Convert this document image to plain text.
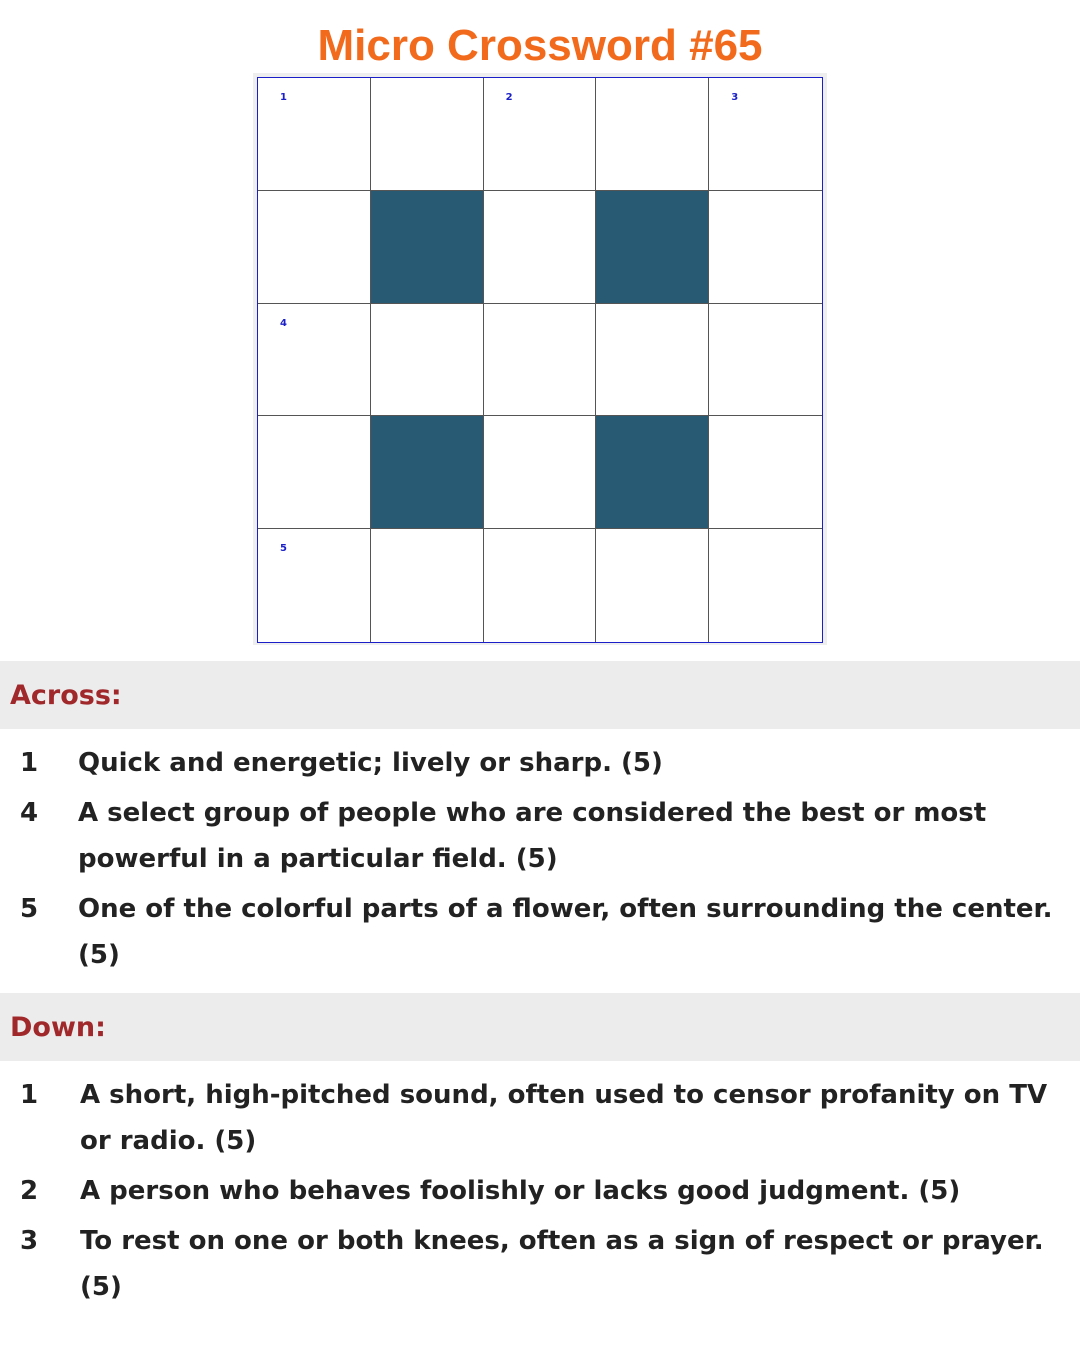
Micro Crossword #65
1	2	3
4
5
Across:
1	Quick and energetic; lively or sharp. (5)
4	A select group of people who are considered the best or most powerful in a particular field. (5)
5	One of the colorful parts of a flower, often surrounding the center. (5)
Down:
1	A short, high-pitched sound, often used to censor profanity on TV or radio. (5)
2	A person who behaves foolishly or lacks good judgment. (5)
3	To rest on one or both knees, often as a sign of respect or prayer. (5)
